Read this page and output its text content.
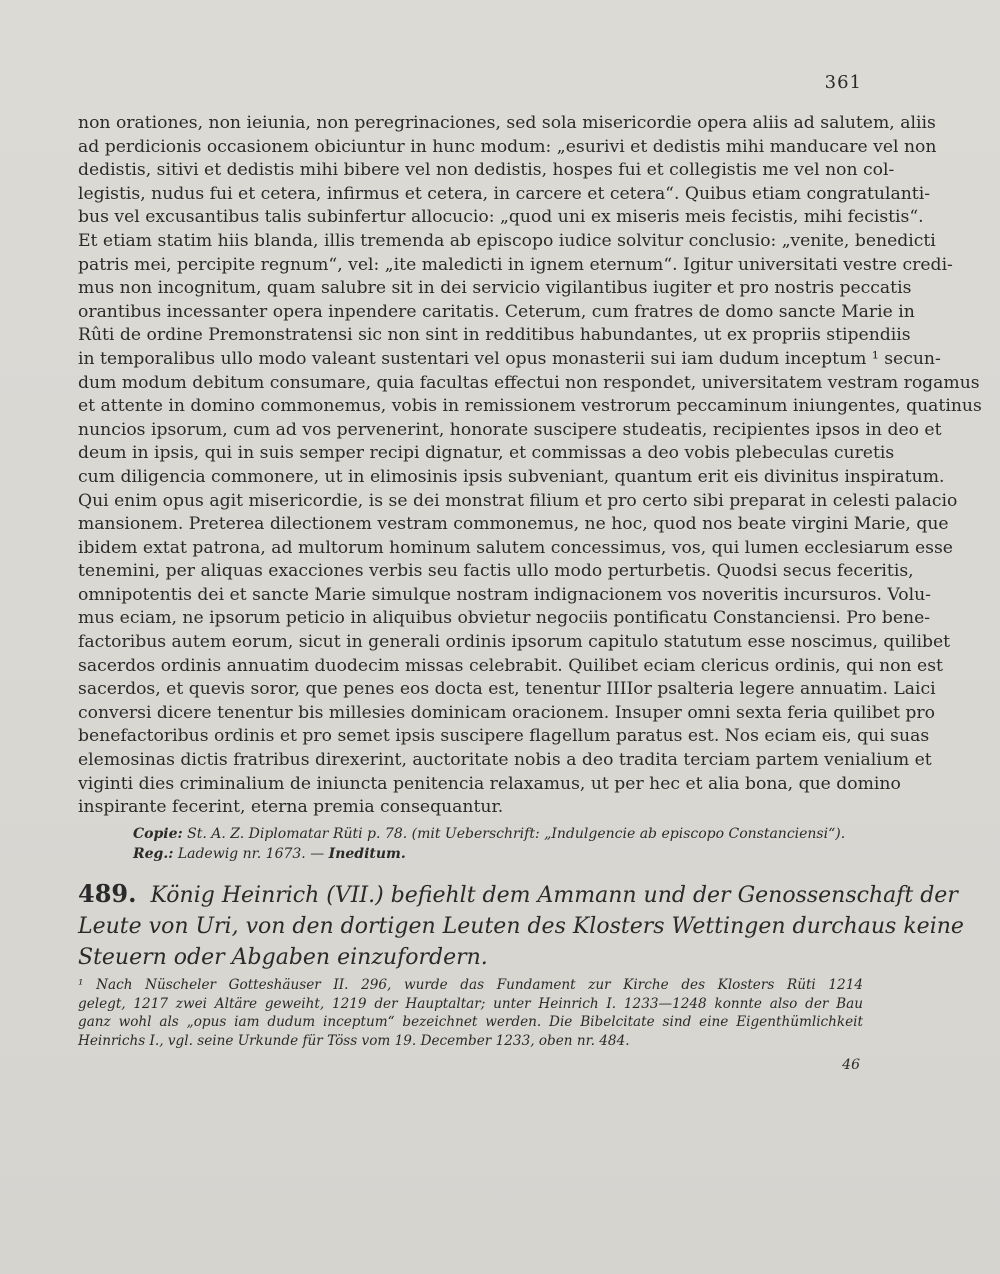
361
non orationes, non ieiunia, non peregrinaciones, sed sola misericordie opera aliis ad salutem, aliis
ad perdicionis occasionem obiciuntur in hunc modum: „esurivi et dedistis mihi manducare vel non
dedistis, sitivi et dedistis mihi bibere vel non dedistis, hospes fui et collegistis me vel non col-
legistis, nudus fui et cetera, infirmus et cetera, in carcere et cetera“. Quibus etiam congratulanti-
bus vel excusantibus talis subinfertur allocucio: „quod uni ex miseris meis fecistis, mihi fecistis“.
Et etiam statim hiis blanda, illis tremenda ab episcopo iudice solvitur conclusio: „venite, benedicti
patris mei, percipite regnum“, vel: „ite maledicti in ignem eternum“. Igitur universitati vestre credi-
mus non incognitum, quam salubre sit in dei servicio vigilantibus iugiter et pro nostris peccatis
orantibus incessanter opera inpendere caritatis. Ceterum, cum fratres de domo sancte Marie in
Rûti de ordine Premonstratensi sic non sint in redditibus habundantes, ut ex propriis stipendiis
in temporalibus ullo modo valeant sustentari vel opus monasterii sui iam dudum inceptum ¹ secun-
dum modum debitum consumare, quia facultas effectui non respondet, universitatem vestram rogamus
et attente in domino commonemus, vobis in remissionem vestrorum peccaminum iniungentes, quatinus
nuncios ipsorum, cum ad vos pervenerint, honorate suscipere studeatis, recipientes ipsos in deo et
deum in ipsis, qui in suis semper recipi dignatur, et commissas a deo vobis plebeculas curetis
cum diligencia commonere, ut in elimosinis ipsis subveniant, quantum erit eis divinitus inspiratum.
Qui enim opus agit misericordie, is se dei monstrat filium et pro certo sibi preparat in celesti palacio
mansionem. Preterea dilectionem vestram commonemus, ne hoc, quod nos beate virgini Marie, que
ibidem extat patrona, ad multorum hominum salutem concessimus, vos, qui lumen ecclesiarum esse
tenemini, per aliquas exacciones verbis seu factis ullo modo perturbetis. Quodsi secus feceritis,
omnipotentis dei et sancte Marie simulque nostram indignacionem vos noveritis incursuros. Volu-
mus eciam, ne ipsorum peticio in aliquibus obvietur negociis pontificatu Constanciensi. Pro bene-
factoribus autem eorum, sicut in generali ordinis ipsorum capitulo statutum esse noscimus, quilibet
sacerdos ordinis annuatim duodecim missas celebrabit. Quilibet eciam clericus ordinis, qui non est
sacerdos, et quevis soror, que penes eos docta est, tenentur IIIIor psalteria legere annuatim. Laici
conversi dicere tenentur bis millesies dominicam oracionem. Insuper omni sexta feria quilibet pro
benefactoribus ordinis et pro semet ipsis suscipere flagellum paratus est. Nos eciam eis, qui suas
elemosinas dictis fratribus direxerint, auctoritate nobis a deo tradita terciam partem venialium et
viginti dies criminalium de iniuncta penitencia relaxamus, ut per hec et alia bona, que domino
inspirante fecerint, eterna premia consequantur.
Copie: St. A. Z. Diplomatar Rüti p. 78. (mit Ueberschrift: „Indulgencie ab episcopo Constanciensi“).
Reg.: Ladewig nr. 1673. — Ineditum.
489. König Heinrich (VII.) befiehlt dem Ammann und der Genossenschaft der
Leute von Uri, von den dortigen Leuten des Klosters Wettingen durchaus keine
Steuern oder Abgaben einzufordern.
¹ Nach Nüscheler Gotteshäuser II. 296, wurde das Fundament zur Kirche des Klosters Rüti 1214
gelegt, 1217 zwei Altäre geweiht, 1219 der Hauptaltar; unter Heinrich I. 1233—1248 konnte also der Bau
ganz wohl als „opus iam dudum inceptum“ bezeichnet werden. Die Bibelcitate sind eine Eigenthümlichkeit
Heinrichs I., vgl. seine Urkunde für Töss vom 19. December 1233, oben nr. 484.
46
